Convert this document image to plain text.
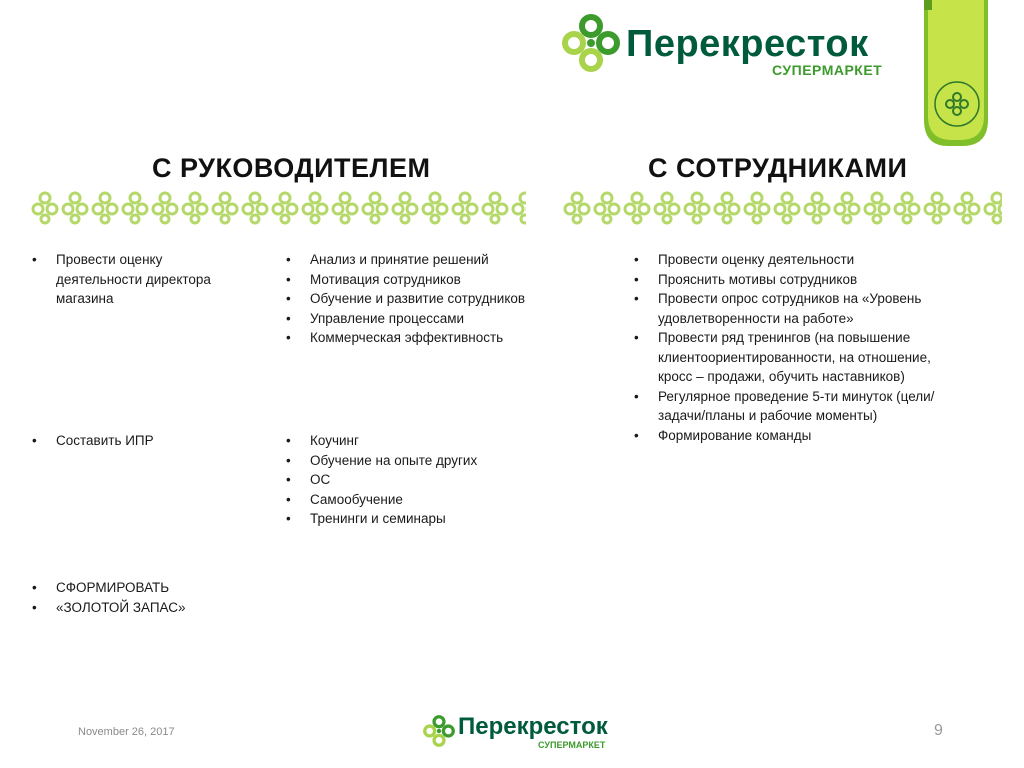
Перекресток
СУПЕРМАРКЕТ
С РУКОВОДИТЕЛЕМ	С СОТРУДНИКАМИ
• Провести оценку деятельности директора магазина
• Анализ и принятие решений
• Мотивация сотрудников
• Обучение и развитие сотрудников
• Управление процессами
• Коммерческая эффективность
• Составить ИПР
•	Коучинг
• Обучение на опыте других
• ОС
• Самообучение
• Тренинги и семинары
• СФОРМИРОВАТЬ
• «ЗОЛОТОЙ ЗАПАС»
• Провести оценку деятельности
• Прояснить мотивы сотрудников
• Провести опрос сотрудников на «Уровень удовлетворенности на работе»
• Провести ряд тренингов (на повышение клиентоориентированности, на отношение, кросс – продажи, обучить наставников)
• Регулярное проведение 5-ти минуток (цели/задачи/планы и рабочие моменты)
• Формирование команды
November 26, 2017	Перекресток
СУПЕРМАРКЕТ
9
